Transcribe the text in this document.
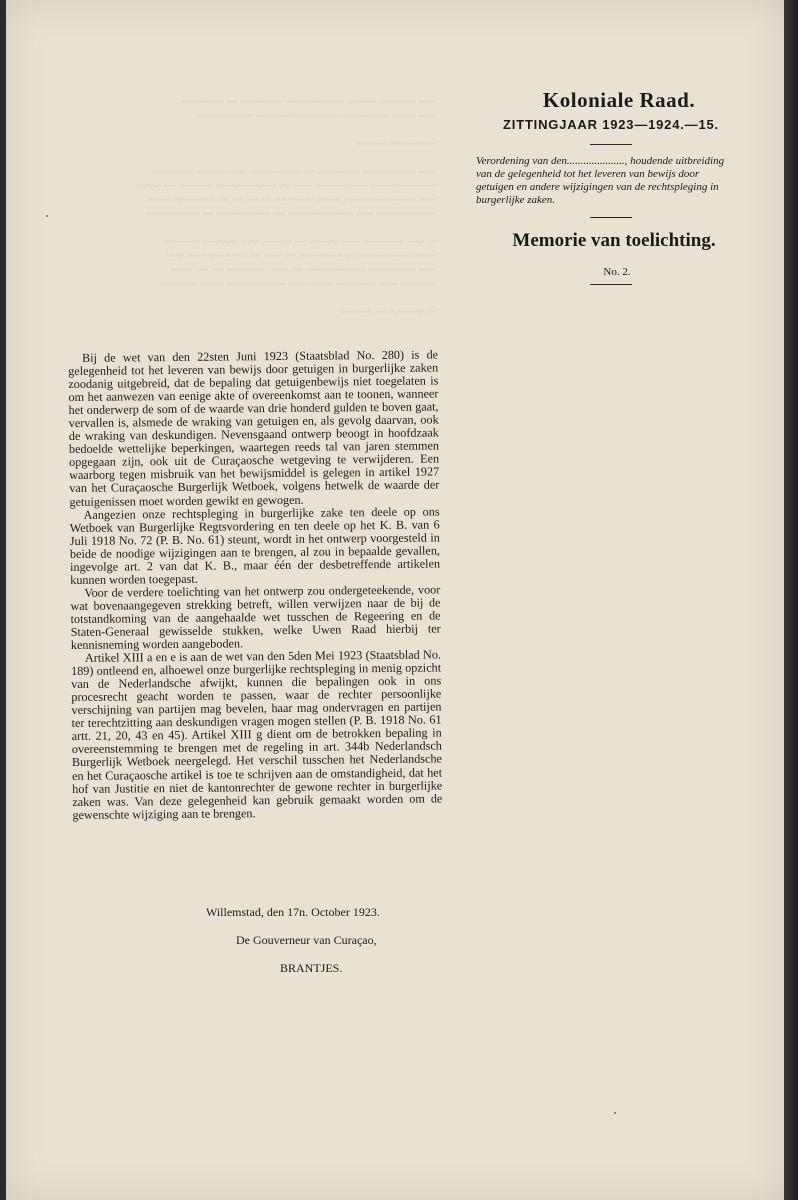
~~~ ~~~~~~ ~~~~~ ~~~~~~~~~~ ~~~~~~~ ~~ ~~~~~~~
~~~ ~~~~ ~~~~~~~~ ~~~~~~~~~~~~~~ ~~~~~~~~~

~~~~~~~~ ~~~~~

~~~ ~~~~~~~~~ ~~~~~~~ ~~ ~~~~ ~~~~ ~~~ ~~~~~ ~~~~~~~
~~~~~~~~~~~ ~~~~~~~~~ ~~~ ~~ ~~~~~~~~~~ ~~~~~~ ~~ ~~~~
~~~ ~~~~~~~~~~~~ ~~~~ ~~~~~~~ ~~~~ ~~ ~~ ~~~~~~~ ~~~~
~~~~~~~~~~ ~~~ ~~~~~~~~~~~ ~~ ~~~~~~~~~ ~~ ~~~~~~~~~

~. ~~~ ~~~~~~~ ~~~ ~~~~~ ~~ ~~~~~ ~~~ ~~~~~~ ~~~~~~
~~~~ ~~~~~~~~~ ~~~~~~~~~ ~~ ~~~ ~~ ~~~~~~~~~~ ~~~
~~~ ~~~~~~~~ ~~~~~~~~~~ ~~ ~~~ ~~~~~~~ ~~ ~~ ~~~~
~~~~~~ ~~~ ~~~~~~~ ~~~~ ~~~ ~~~~~~~~~~ ~~~~ ~~~~~~

~. ~~~~~~ ~~ ~~~~~
Koloniale Raad.
ZITTINGJAAR 1923—1924.—15.
Verordening van den....................., houdende uitbreiding van de gelegenheid tot het leveren van bewijs door getuigen en andere wijzigingen van de rechtspleging in burgerlijke zaken.
Memorie van toelichting.
No. 2.

Bij de wet van den 22sten Juni 1923 (Staatsblad No. 280) is de gelegenheid tot het leveren van bewijs door getuigen in burgerlijke zaken zoodanig uitgebreid, dat de bepaling dat getuigenbewijs niet toegelaten is om het aanwezen van eenige akte of overeenkomst aan te toonen, wanneer het onderwerp de som of de waarde van drie honderd gulden te boven gaat, vervallen is, alsmede de wraking van getuigen en, als gevolg daarvan, ook de wraking van deskundigen. Nevensgaand ontwerp beoogt in hoofdzaak bedoelde wettelijke beperkingen, waartegen reeds tal van jaren stemmen opgegaan zijn, ook uit de Curaçaosche wetgeving te verwijderen. Een waarborg tegen misbruik van het bewijsmiddel is gelegen in artikel 1927 van het Curaçaosche Burgerlijk Wetboek, volgens hetwelk de waarde der getuigenissen moet worden gewikt en gewogen.

Aangezien onze rechtspleging in burgerlijke zake ten deele op ons Wetboek van Burgerlijke Regtsvordering en ten deele op het K. B. van 6 Juli 1918 No. 72 (P. B. No. 61) steunt, wordt in het ontwerp voorgesteld in beide de noodige wijzigingen aan te brengen, al zou in bepaalde gevallen, ingevolge art. 2 van dat K. B., maar één der desbetreffende artikelen kunnen worden toegepast.

Voor de verdere toelichting van het ontwerp zou ondergeteekende, voor wat bovenaangegeven strekking betreft, willen verwijzen naar de bij de totstandkoming van de aangehaalde wet tusschen de Regeering en de Staten-Generaal gewisselde stukken, welke Uwen Raad hierbij ter kennisneming worden aangeboden.

Artikel XIII a en e is aan de wet van den 5den Mei 1923 (Staatsblad No. 189) ontleend en, alhoewel onze burgerlijke rechtspleging in menig opzicht van de Nederlandsche afwijkt, kunnen die bepalingen ook in ons procesrecht geacht worden te passen, waar de rechter persoonlijke verschijning van partijen mag bevelen, haar mag ondervragen en partijen ter terechtzitting aan deskundigen vragen mogen stellen (P. B. 1918 No. 61 artt. 21, 20, 43 en 45). Artikel XIII g dient om de betrokken bepaling in overeenstemming te brengen met de regeling in art. 344b Nederlandsch Burgerlijk Wetboek neergelegd. Het verschil tusschen het Nederlandsche en het Curaçaosche artikel is toe te schrijven aan de omstandigheid, dat het hof van Justitie en niet de kantonrechter de gewone rechter in burgerlijke zaken was. Van deze gelegenheid kan gebruik gemaakt worden om de gewenschte wijziging aan te brengen.

Willemstad, den 17n. October 1923.
De Gouverneur van Curaçao,
BRANTJES.
